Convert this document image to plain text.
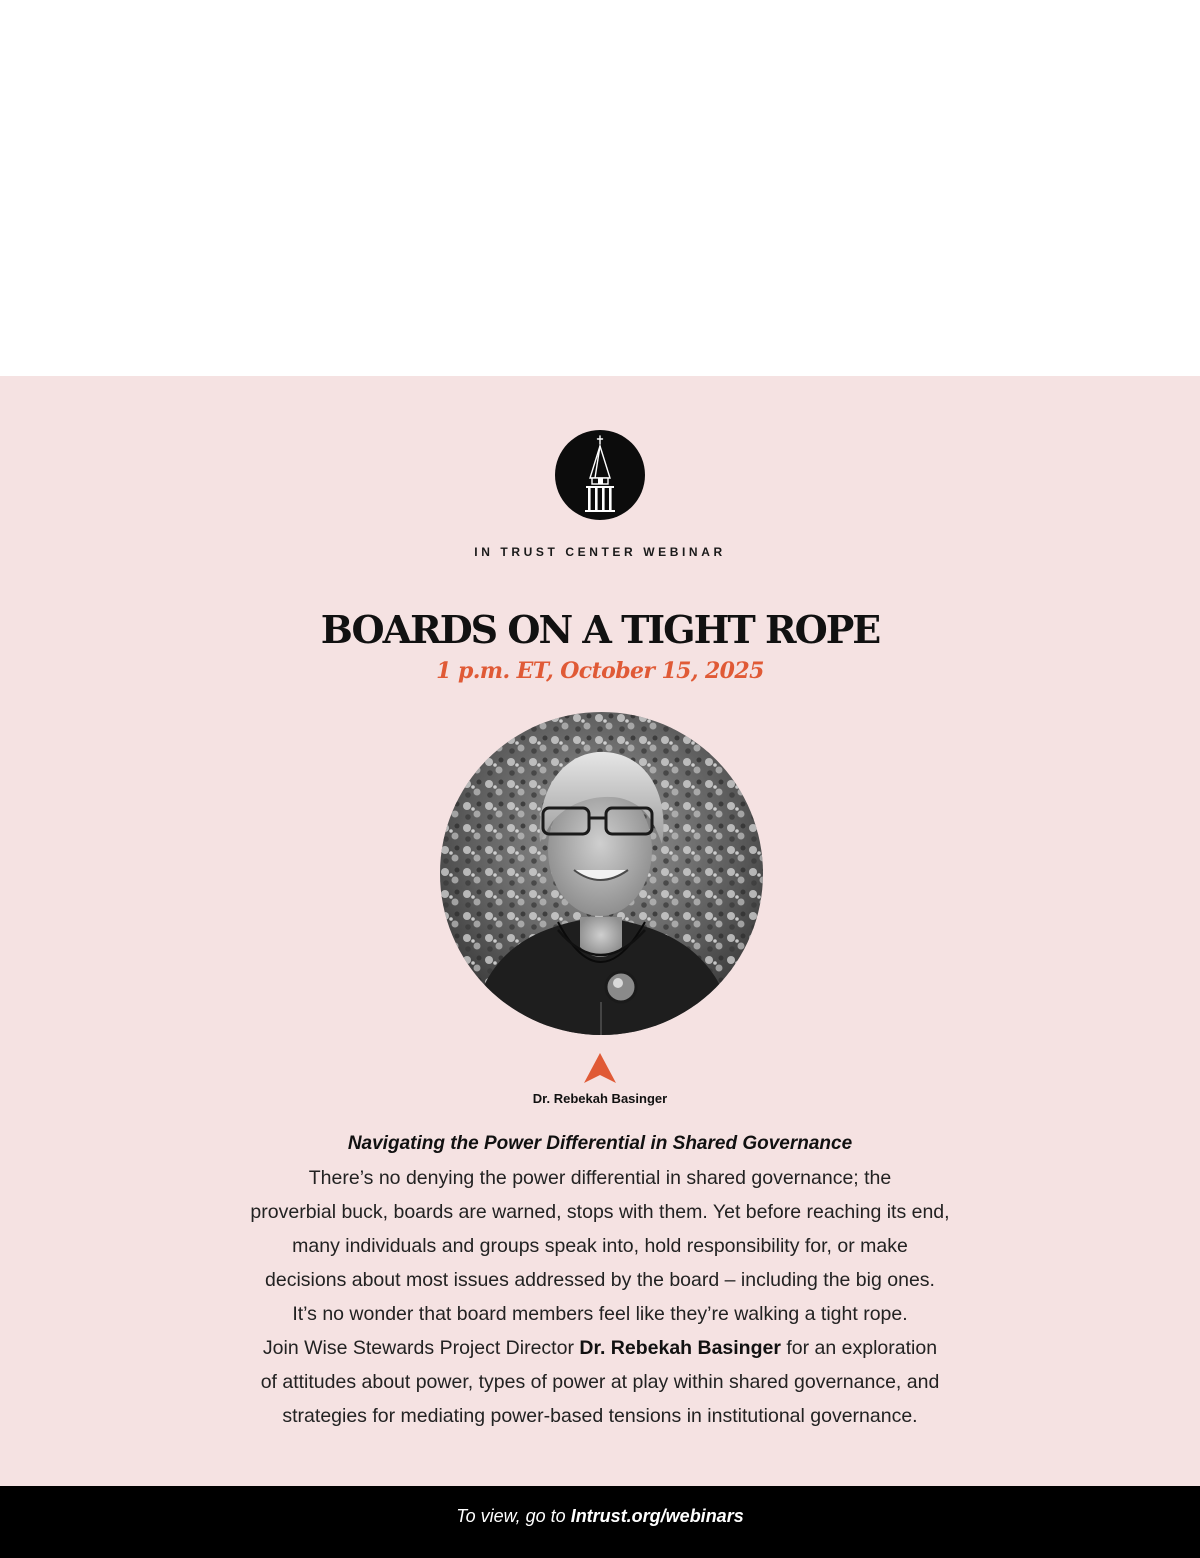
IN TRUST CENTER WEBINAR
BOARDS ON A TIGHT ROPE
1 p.m. ET, October 15, 2025
Dr. Rebekah Basinger
Navigating the Power Differential in Shared Governance
There’s no denying the power differential in shared governance; the
proverbial buck, boards are warned, stops with them. Yet before reaching its end,
many individuals and groups speak into, hold responsibility for, or make
decisions about most issues addressed by the board – including the big ones.
It’s no wonder that board members feel like they’re walking a tight rope.
Join Wise Stewards Project Director Dr. Rebekah Basinger for an exploration
of attitudes about power, types of power at play within shared governance, and
strategies for mediating power-based tensions in institutional governance.
To view, go to Intrust.org/webinars
